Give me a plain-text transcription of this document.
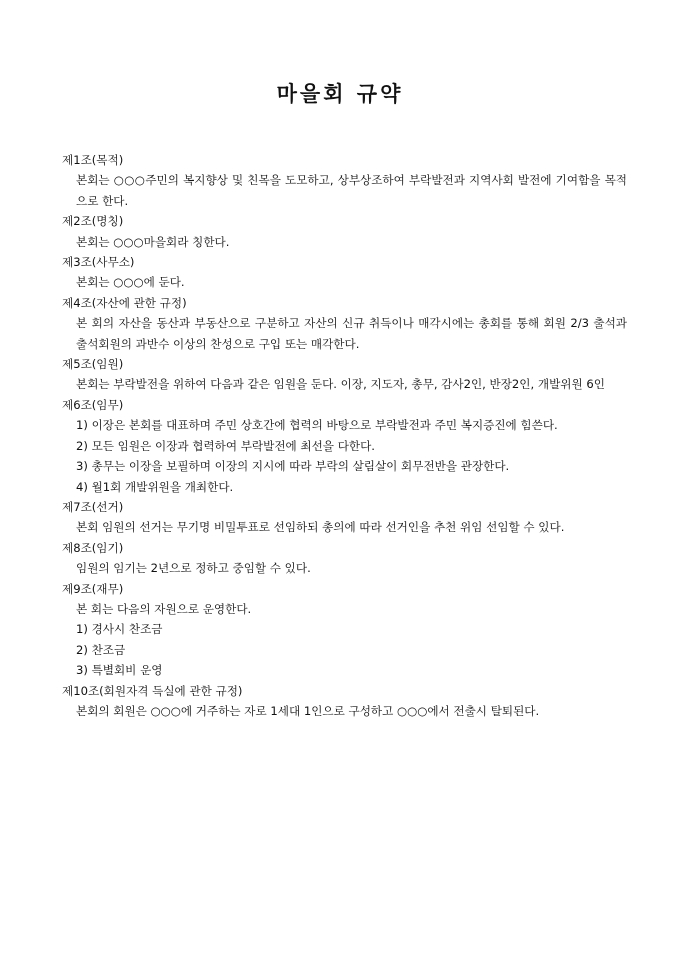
마을회 규약

제1조(목적)

본회는 ○○○주민의 복지향상 및 친목을 도모하고, 상부상조하여 부락발전과 지역사회 발전에 기여함을 목적으로 한다.

제2조(명칭)

본회는 ○○○마을회라 칭한다.

제3조(사무소)

본회는 ○○○에 둔다.

제4조(자산에 관한 규정)

본 회의 자산을 동산과 부동산으로 구분하고 자산의 신규 취득이나 매각시에는 총회를 통해 회원 2/3 출석과 출석회원의 과반수 이상의 찬성으로 구입 또는 매각한다.

제5조(임원)

본회는 부락발전을 위하여 다음과 같은 임원을 둔다. 이장, 지도자, 총무, 감사2인, 반장2인, 개발위원 6인

제6조(임무)

1) 이장은 본회를 대표하며 주민 상호간에 협력의 바탕으로 부락발전과 주민 복지증진에 힘쓴다.

2) 모든 임원은 이장과 협력하여 부락발전에 최선을 다한다.

3) 총무는 이장을 보필하며 이장의 지시에 따라 부락의 살림살이 회무전반을 관장한다.

4) 월1회 개발위원을 개최한다.

제7조(선거)

본회 임원의 선거는 무기명 비밀투표로 선임하되 총의에 따라 선거인을 추천 위임 선임할 수 있다.

제8조(임기)

임원의 임기는 2년으로 정하고 중임할 수 있다.

제9조(재무)

본 회는 다음의 자원으로 운영한다.

1) 경사시 찬조금

2) 찬조금

3) 특별회비 운영

제10조(회원자격 득실에 관한 규정)

본회의 회원은 ○○○에 거주하는 자로 1세대 1인으로 구성하고 ○○○에서 전출시 탈퇴된다.
